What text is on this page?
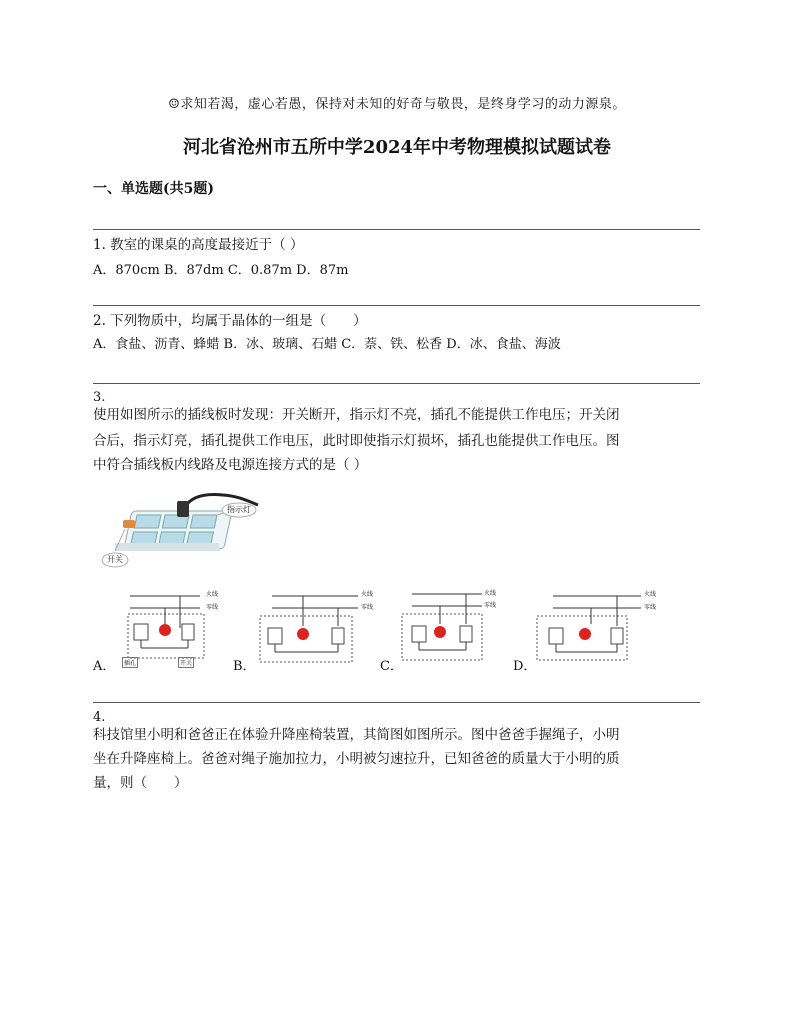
☺求知若渴，虚心若愚，保持对未知的好奇与敬畏，是终身学习的动力源泉。
河北省沧州市五所中学2024年中考物理模拟试题试卷
一、单选题(共5题)
1. 教室的课桌的高度最接近于（ ）
A．870cm B．87dm C．0.87m D．87m
2. 下列物质中，均属于晶体的一组是（　　）
A．食盐、沥青、蜂蜡 B．冰、玻璃、石蜡 C．萘、铁、松香 D．冰、食盐、海波
3.
使用如图所示的插线板时发现：开关断开，指示灯不亮，插孔不能提供工作电压；开关闭
合后，指示灯亮，插孔提供工作电压，此时即使指示灯损坏，插孔也能提供工作电压。图
中符合插线板内线路及电源连接方式的是（ ）
指示灯
开关
火线
零线
插孔	开关
A．
火线
零线
B．
火线
零线
C．
火线
零线
D．
4.
科技馆里小明和爸爸正在体验升降座椅装置，其简图如图所示。图中爸爸手握绳子，小明
坐在升降座椅上。爸爸对绳子施加拉力，小明被匀速拉升，已知爸爸的质量大于小明的质
量，则（　　）
